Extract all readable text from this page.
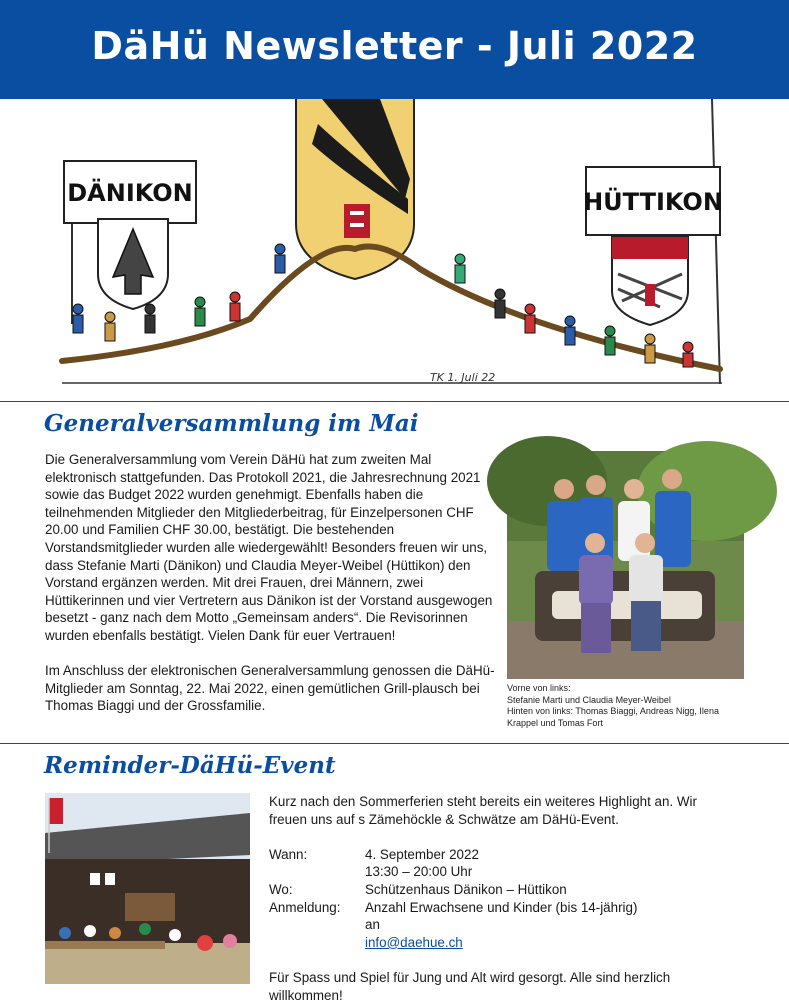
DäHü Newsletter - Juli 2022
DÄNIKON	HÜTTIKON
TK 1. Juli 22
Generalversammlung im Mai

Die Generalversammlung vom Verein DäHü hat zum zweiten Mal elektronisch stattgefunden. Das Protokoll 2021, die Jahresrechnung 2021 sowie das Budget 2022 wurden genehmigt. Ebenfalls haben die teilnehmenden Mitglieder den Mitgliederbeitrag, für Einzelpersonen CHF 20.00 und Familien CHF 30.00, bestätigt. Die bestehenden Vorstandsmitglieder wurden alle wiedergewählt! Besonders freuen wir uns, dass Stefanie Marti (Dänikon) und Claudia Meyer-Weibel (Hüttikon) den Vorstand ergänzen werden. Mit drei Frauen, drei Männern, zwei Hüttikerinnen und vier Vertretern aus Dänikon ist der Vorstand ausgewogen besetzt - ganz nach dem Motto „Gemeinsam anders“. Die Revisorinnen wurden ebenfalls bestätigt. Vielen Dank für euer Vertrauen!

Im Anschluss der elektronischen Generalversammlung genossen die DäHü-Mitglieder am Sonntag, 22. Mai 2022, einen gemütlichen Grill-plausch bei Thomas Biaggi und der Grossfamilie.

Vorne von links:
Stefanie Marti und Claudia Meyer-Weibel
Hinten von links: Thomas Biaggi, Andreas Nigg, Ilena Krappel und Tomas Fort
Reminder-DäHü-Event

Kurz nach den Sommerferien steht bereits ein weiteres Highlight an. Wir freuen uns auf s Zämehöckle & Schwätze am DäHü-Event.

Wann:	4. September 2022
13:30 – 20:00 Uhr
Wo:	Schützenhaus Dänikon – Hüttikon
Anmeldung:	Anzahl Erwachsene und Kinder (bis 14-jährig)
an
info@daehue.ch

Für Spass und Spiel für Jung und Alt wird gesorgt. Alle sind herzlich willkommen!
